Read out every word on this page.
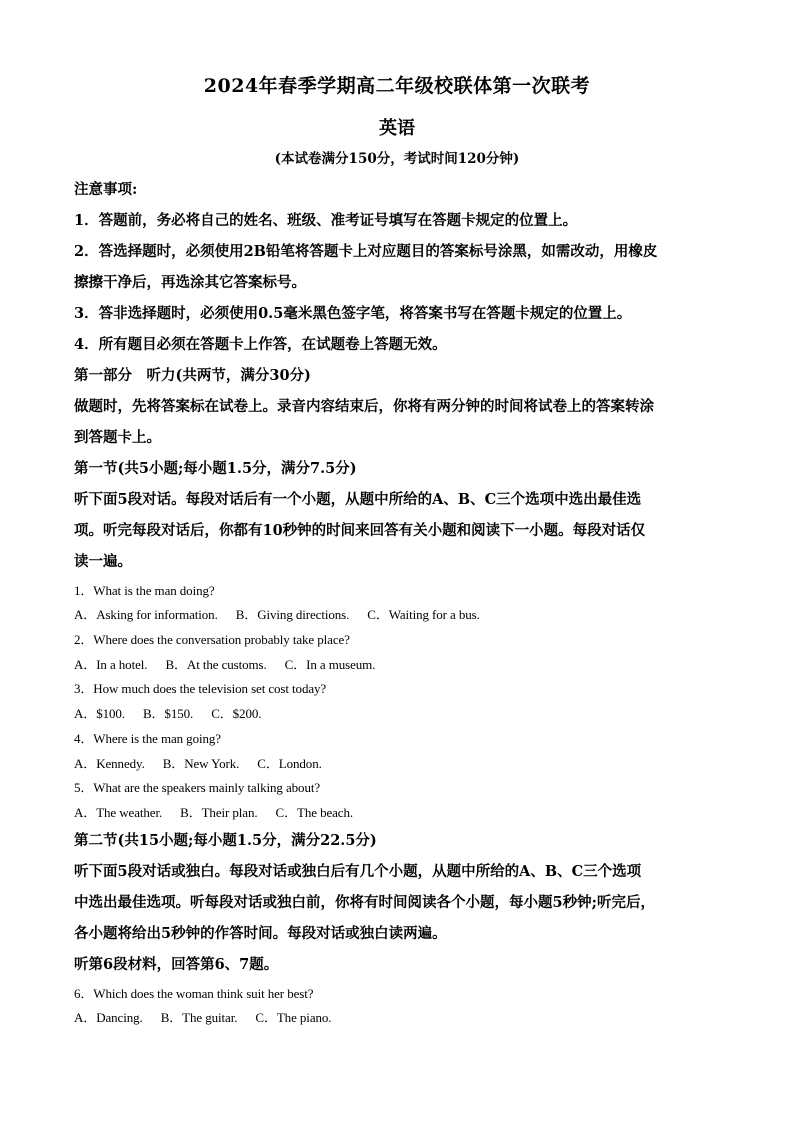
2024年春季学期高二年级校联体第一次联考
英语
(本试卷满分150分，考试时间120分钟)
注意事项:
1．答题前，务必将自己的姓名、班级、准考证号填写在答题卡规定的位置上。
2．答选择题时，必须使用2B铅笔将答题卡上对应题目的答案标号涂黑，如需改动，用橡皮
擦擦干净后，再选涂其它答案标号。
3．答非选择题时，必须使用0.5毫米黑色签字笔，将答案书写在答题卡规定的位置上。
4．所有题目必须在答题卡上作答，在试题卷上答题无效。
第一部分　听力(共两节，满分30分)
做题时，先将答案标在试卷上。录音内容结束后，你将有两分钟的时间将试卷上的答案转涂
到答题卡上。
第一节(共5小题;每小题1.5分，满分7.5分)
听下面5段对话。每段对话后有一个小题，从题中所给的A、B、C三个选项中选出最佳选
项。听完每段对话后，你都有10秒钟的时间来回答有关小题和阅读下一小题。每段对话仅
读一遍。
1．What is the man doing?
A．Asking for information. B．Giving directions. C．Waiting for a bus.
2．Where does the conversation probably take place?
A．In a hotel. B．At the customs. C．In a museum.
3．How much does the television set cost today?
A．$100. B．$150. C．$200.
4．Where is the man going?
A．Kennedy. B．New York. C．London.
5．What are the speakers mainly talking about?
A．The weather. B．Their plan. C．The beach.
第二节(共15小题;每小题1.5分，满分22.5分)
听下面5段对话或独白。每段对话或独白后有几个小题，从题中所给的A、B、C三个选项
中选出最佳选项。听每段对话或独白前，你将有时间阅读各个小题，每小题5秒钟;听完后，
各小题将给出5秒钟的作答时间。每段对话或独白读两遍。
听第6段材料，回答第6、7题。
6．Which does the woman think suit her best?
A．Dancing. B．The guitar. C．The piano.
